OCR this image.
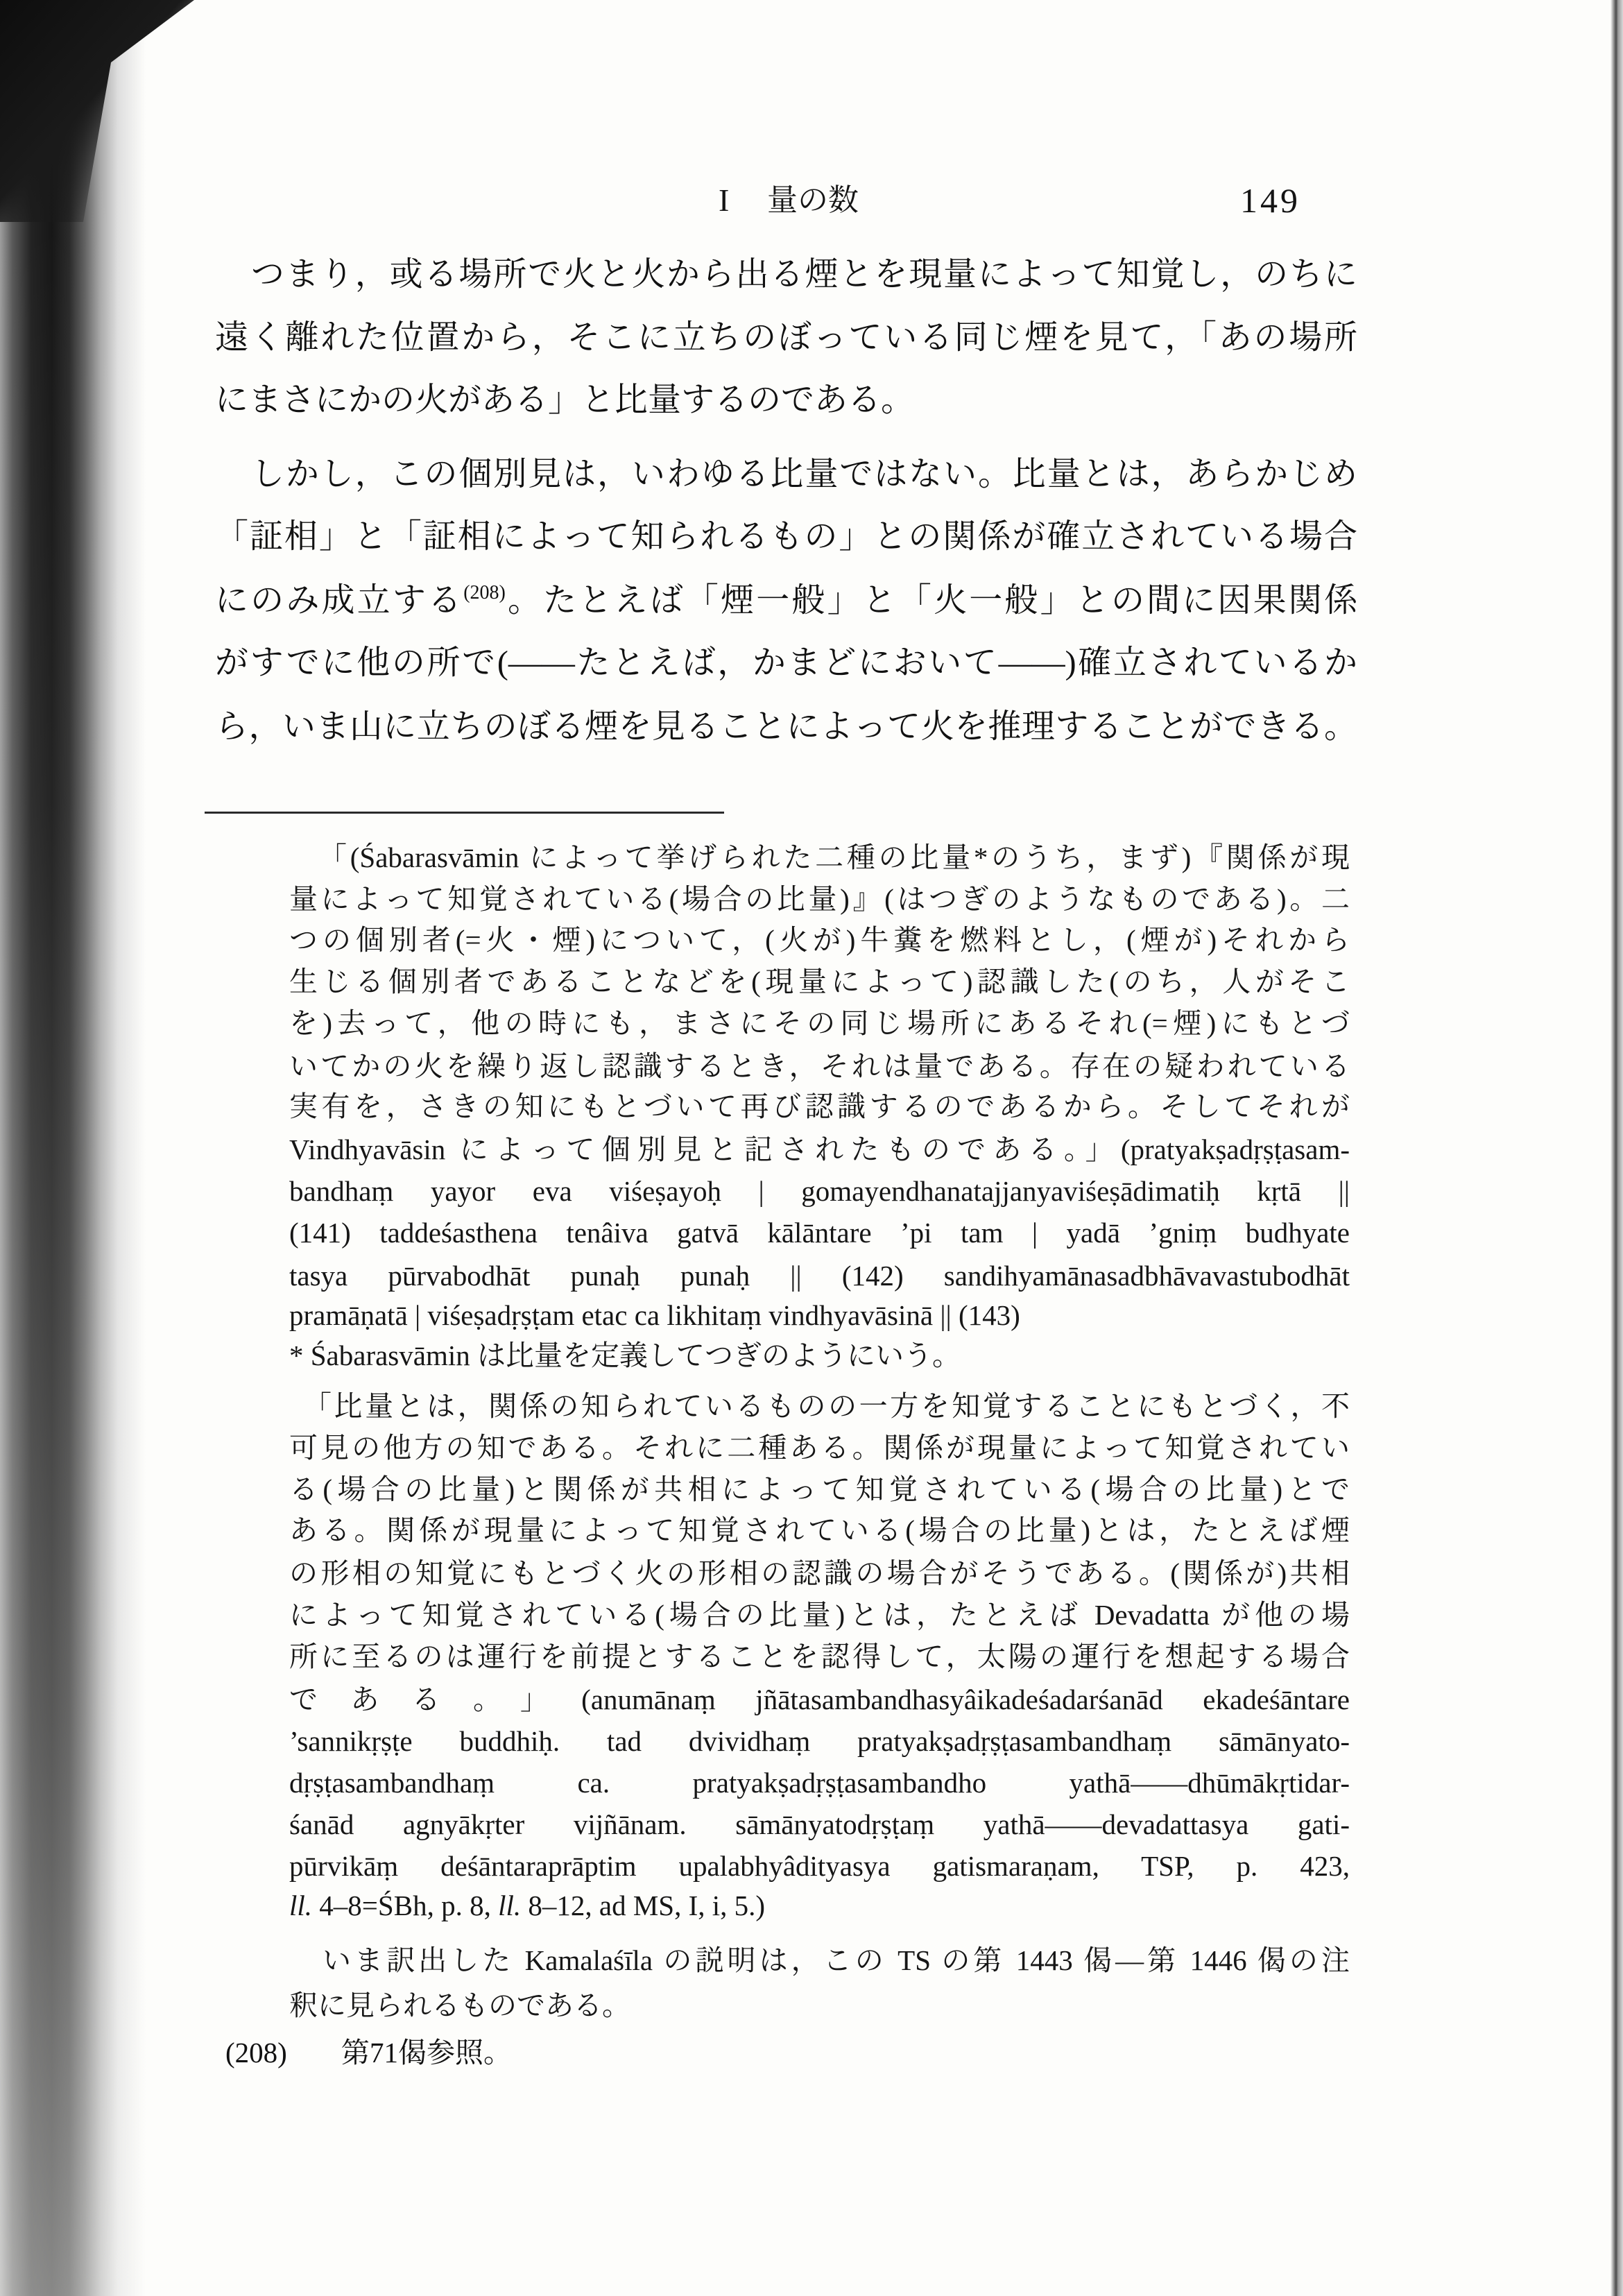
I 量の数	149
つまり，或る場所で火と火から出る煙とを現量によって知覚し，のちに
遠く離れた位置から，そこに立ちのぼっている同じ煙を見て，「あの場所
にまさにかの火がある」と比量するのである。
しかし，この個別見は，いわゆる比量ではない。比量とは，あらかじめ
「証相」と「証相によって知られるもの」との関係が確立されている場合
にのみ成立する$^{(208)}$。たとえば「煙一般」と「火一般」との間に因果関係
がすでに他の所で(——たとえば，かまどにおいて——)確立されているか
ら，いま山に立ちのぼる煙を見ることによって火を推理することができる。
「(Śabarasvāmin によって挙げられた二種の比量*のうち，まず)『関係が現
量によって知覚されている(場合の比量)』(はつぎのようなものである)。二
つの個別者(=火・煙)について，(火が)牛糞を燃料とし，(煙が)それから
生じる個別者であることなどを(現量によって)認識した(のち，人がそこ
を)去って，他の時にも，まさにその同じ場所にあるそれ(=煙)にもとづ
いてかの火を繰り返し認識するとき，それは量である。存在の疑われている
実有を，さきの知にもとづいて再び認識するのであるから。そしてそれが
Vindhyavāsin によって個別見と記されたものである。」(pratyakṣadṛṣṭasam-
bandhaṃ yayor eva viśeṣayoḥ | gomayendhanatajjanyaviśeṣādimatiḥ kṛtā ||
(141) taddeśasthena tenâiva gatvā kālāntare ’pi tam | yadā ’gniṃ budhyate
tasya pūrvabodhāt punaḥ punaḥ || (142) sandihyamānasadbhāvavastubodhāt
pramāṇatā | viśeṣadṛṣṭam etac ca likhitaṃ vindhyavāsinā || (143)
* Śabarasvāmin は比量を定義してつぎのようにいう。
「比量とは，関係の知られているものの一方を知覚することにもとづく，不
可見の他方の知である。それに二種ある。関係が現量によって知覚されてい
る(場合の比量)と関係が共相によって知覚されている(場合の比量)とで
ある。関係が現量によって知覚されている(場合の比量)とは，たとえば煙
の形相の知覚にもとづく火の形相の認識の場合がそうである。(関係が)共相
によって知覚されている(場合の比量)とは，たとえば Devadatta が他の場
所に至るのは運行を前提とすることを認得して，太陽の運行を想起する場合
である。」(anumānaṃ jñātasambandhasyâikadeśadarśanād ekadeśāntare
’sannikṛṣṭe buddhiḥ. tad dvividhaṃ pratyakṣadṛṣṭasambandhaṃ sāmānyato-
dṛṣṭasambandhaṃ ca. pratyakṣadṛṣṭasambandho yathā——dhūmākṛtidar-
śanād agnyākṛter vijñānam. sāmānyatodṛṣṭaṃ yathā——devadattasya gati-
pūrvikāṃ deśāntaraprāptim upalabhyâdityasya gatismaraṇam, TSP, p. 423,
ll. 4–8=ŚBh, p. 8, ll. 8–12, ad MS, I, i, 5.)
いま訳出した Kamalaśīla の説明は，この TS の第 1443 偈—第 1446 偈の注
釈に見られるものである。
(208) 第71偈参照。
